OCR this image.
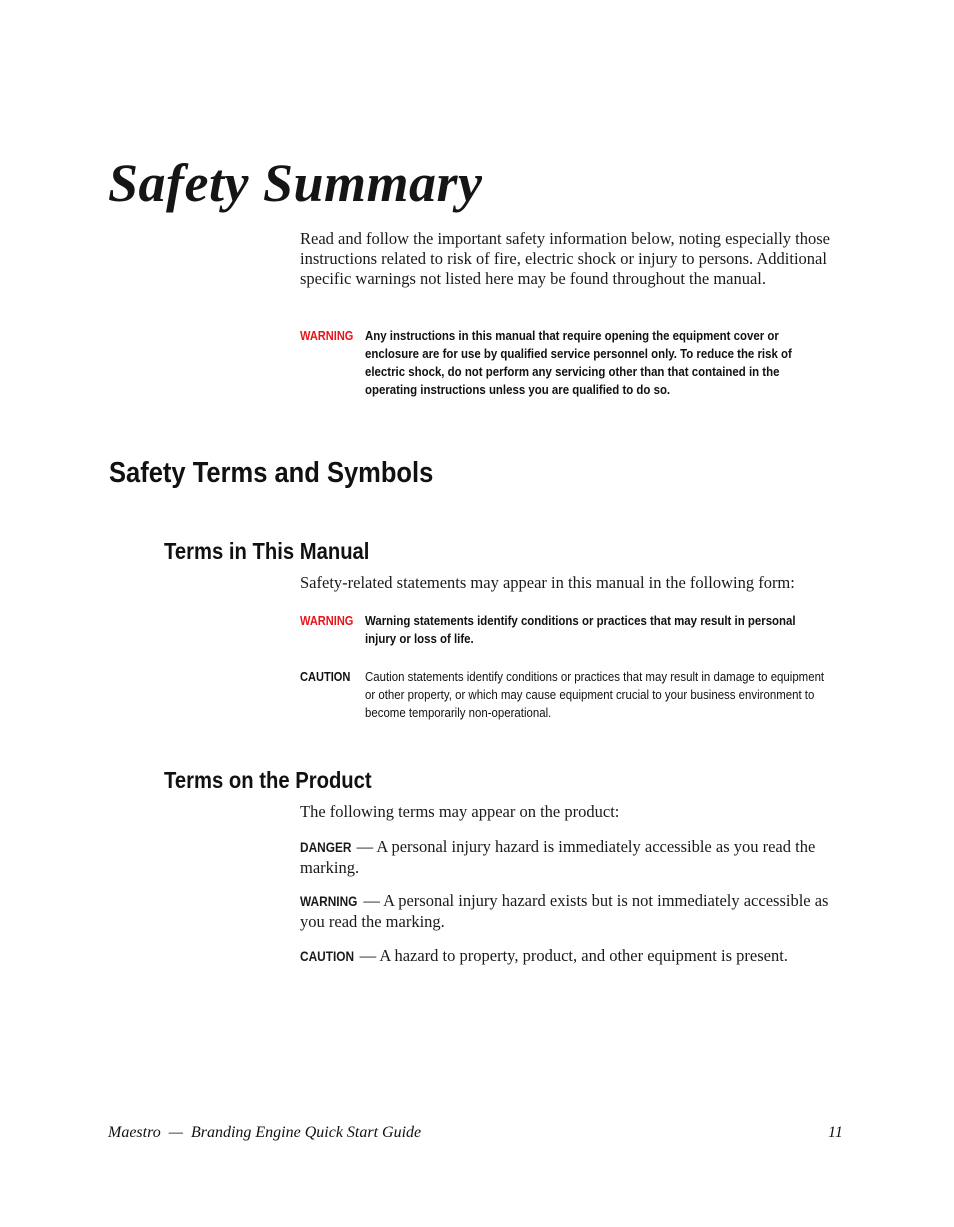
Safety Summary
Read and follow the important safety information below, noting especially those instructions related to risk of fire, electric shock or injury to persons. Additional specific warnings not listed here may be found throughout the manual.
WARNING Any instructions in this manual that require opening the equipment cover or enclosure are for use by qualified service personnel only. To reduce the risk of electric shock, do not perform any servicing other than that contained in the operating instructions unless you are qualified to do so.
Safety Terms and Symbols
Terms in This Manual
Safety-related statements may appear in this manual in the following form:
WARNING Warning statements identify conditions or practices that may result in personal injury or loss of life.
CAUTION Caution statements identify conditions or practices that may result in damage to equipment or other property, or which may cause equipment crucial to your business environment to become temporarily non-operational.
Terms on the Product
The following terms may appear on the product:
DANGER — A personal injury hazard is immediately accessible as you read the marking.
WARNING — A personal injury hazard exists but is not immediately accessible as you read the marking.
CAUTION — A hazard to property, product, and other equipment is present.
Maestro  —  Branding Engine Quick Start Guide	11
